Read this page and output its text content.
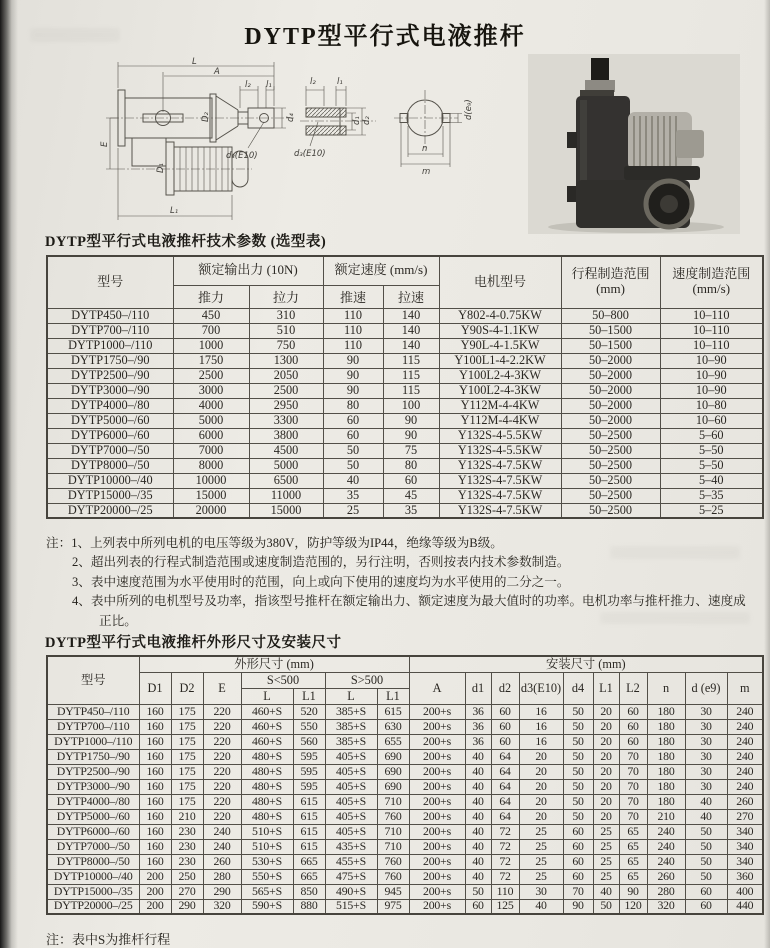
DYTP型平行式电液推杆
L
A
l₂ l₁
D₂	d₄
d₃(E10)
E
D₁
L₁
l₂ l₁
d₁ d₂
d₃(E10)
d(e₉)
n
m
DYTP型平行式电液推杆技术参数 (选型表)
型号	额定输出力 (10N)		额定速度 (mm/s)		电机型号	行程制造范围 (mm)	速度制造范围 (mm/s)
	推力	拉力	推速	拉速			
DYTP450–/110	450	310	110	140	Y802-4-0.75KW	50–800	10–110
DYTP700–/110	700	510	110	140	Y90S-4-1.1KW	50–1500	10–110
DYTP1000–/110	1000	750	110	140	Y90L-4-1.5KW	50–1500	10–110
DYTP1750–/90	1750	1300	90	115	Y100L1-4-2.2KW	50–2000	10–90
DYTP2500–/90	2500	2050	90	115	Y100L2-4-3KW	50–2000	10–90
DYTP3000–/90	3000	2500	90	115	Y100L2-4-3KW	50–2000	10–90
DYTP4000–/80	4000	2950	80	100	Y112M-4-4KW	50–2000	10–80
DYTP5000–/60	5000	3300	60	90	Y112M-4-4KW	50–2000	10–60
DYTP6000–/60	6000	3800	60	90	Y132S-4-5.5KW	50–2500	5–60
DYTP7000–/50	7000	4500	50	75	Y132S-4-5.5KW	50–2500	5–50
DYTP8000–/50	8000	5000	50	80	Y132S-4-7.5KW	50–2500	5–50
DYTP10000–/40	10000	6500	40	60	Y132S-4-7.5KW	50–2500	5–40
DYTP15000–/35	15000	11000	35	45	Y132S-4-7.5KW	50–2500	5–35
DYTP20000–/25	20000	15000	25	35	Y132S-4-7.5KW	50–2500	5–25
注：1、上列表中所列电机的电压等级为380V，防护等级为IP44，绝缘等级为B级。
2、超出列表的行程式制造范围或速度制造范围的，另行注明，否则按表内技术参数制造。
3、表中速度范围为水平使用时的范围，向上或向下使用的速度均为水平使用的二分之一。
4、表中所列的电机型号及功率，指该型号推杆在额定输出力、额定速度为最大值时的功率。电机功率与推杆推力、速度成正比。
DYTP型平行式电液推杆外形尺寸及安装尺寸
型号	外形尺寸 (mm)							安装尺寸 (mm)									
	D1	D2	E	S<500		S>500		A	d1	d2	d3(E10)	d4	L1	L2	n	d (e9)	m
				L	L1	L	L1										
DYTP450–/110	160	175	220	460+S	520	385+S	615	200+s	36	60	16	50	20	60	180	30	240
DYTP700–/110	160	175	220	460+S	550	385+S	630	200+s	36	60	16	50	20	60	180	30	240
DYTP1000–/110	160	175	220	460+S	560	385+S	655	200+s	36	60	16	50	20	60	180	30	240
DYTP1750–/90	160	175	220	480+S	595	405+S	690	200+s	40	64	20	50	20	70	180	30	240
DYTP2500–/90	160	175	220	480+S	595	405+S	690	200+s	40	64	20	50	20	70	180	30	240
DYTP3000–/90	160	175	220	480+S	595	405+S	690	200+s	40	64	20	50	20	70	180	30	240
DYTP4000–/80	160	175	220	480+S	615	405+S	710	200+s	40	64	20	50	20	70	180	40	260
DYTP5000–/60	160	210	220	480+S	615	405+S	760	200+s	40	64	20	50	20	70	210	40	270
DYTP6000–/60	160	230	240	510+S	615	405+S	710	200+s	40	72	25	60	25	65	240	50	340
DYTP7000–/50	160	230	240	510+S	615	435+S	710	200+s	40	72	25	60	25	65	240	50	340
DYTP8000–/50	160	230	260	530+S	665	455+S	760	200+s	40	72	25	60	25	65	240	50	340
DYTP10000–/40	200	250	280	550+S	665	475+S	760	200+s	40	72	25	60	25	65	260	50	360
DYTP15000–/35	200	270	290	565+S	850	490+S	945	200+s	50	110	30	70	40	90	280	60	400
DYTP20000–/25	200	290	320	590+S	880	515+S	975	200+s	60	125	40	90	50	120	320	60	440
注：表中S为推杆行程
